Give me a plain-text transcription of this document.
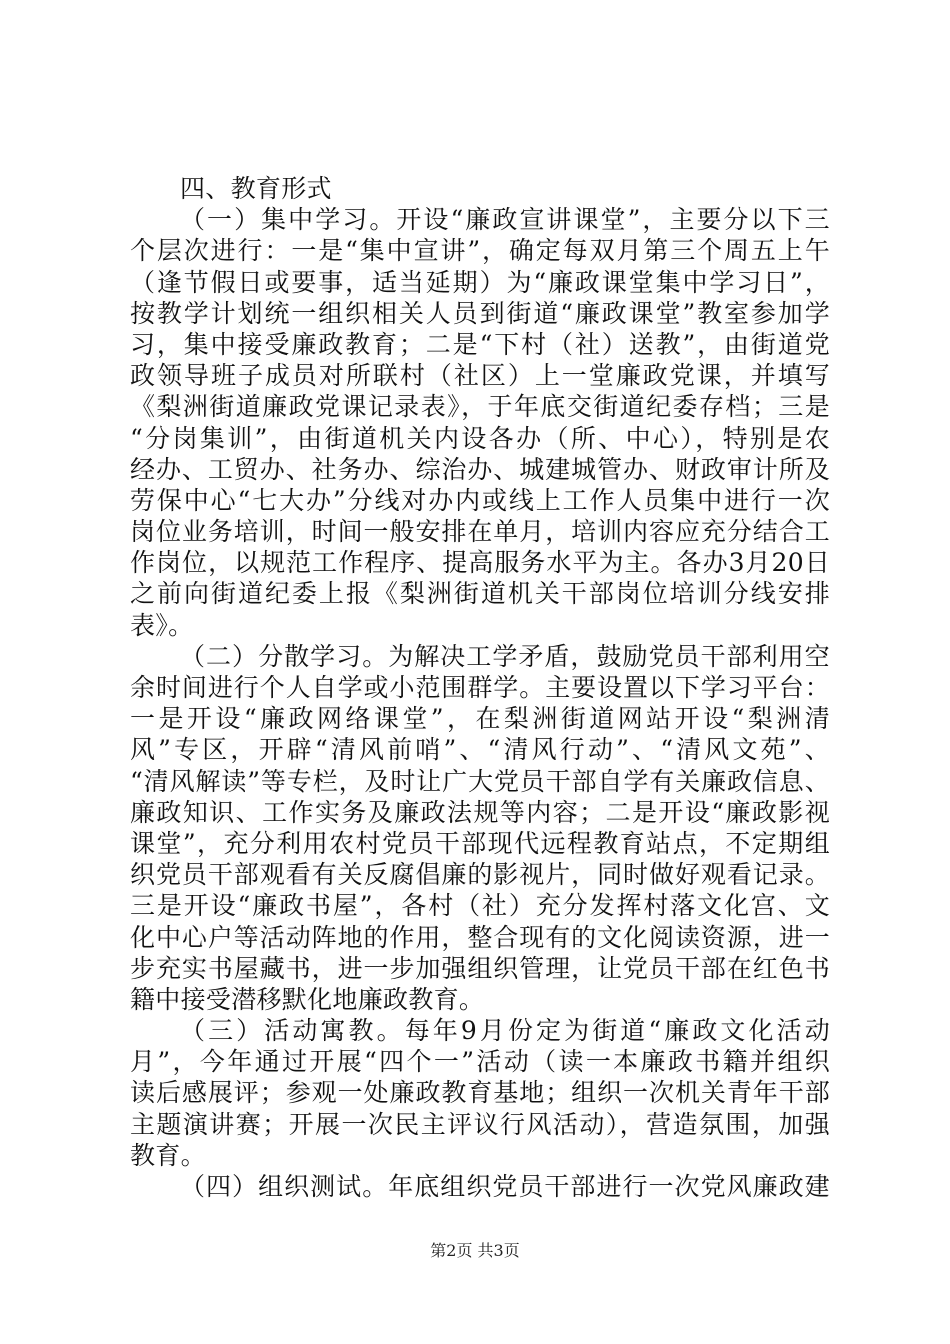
四、教育形式
（一）集中学习。开设“廉政宣讲课堂”，主要分以下三
个层次进行：一是“集中宣讲”，确定每双月第三个周五上午
（逢节假日或要事，适当延期）为“廉政课堂集中学习日”，
按教学计划统一组织相关人员到街道“廉政课堂”教室参加学
习，集中接受廉政教育；二是“下村（社）送教”，由街道党
政领导班子成员对所联村（社区）上一堂廉政党课，并填写
《梨洲街道廉政党课记录表》，于年底交街道纪委存档；三是
“分岗集训”，由街道机关内设各办（所、中心），特别是农
经办、工贸办、社务办、综治办、城建城管办、财政审计所及
劳保中心“七大办”分线对办内或线上工作人员集中进行一次
岗位业务培训，时间一般安排在单月，培训内容应充分结合工
作岗位，以规范工作程序、提高服务水平为主。各办3月20日
之前向街道纪委上报《梨洲街道机关干部岗位培训分线安排
表》。
（二）分散学习。为解决工学矛盾，鼓励党员干部利用空
余时间进行个人自学或小范围群学。主要设置以下学习平台：
一是开设“廉政网络课堂”，在梨洲街道网站开设“梨洲清
风”专区，开辟“清风前哨”、“清风行动”、“清风文苑”、
“清风解读”等专栏，及时让广大党员干部自学有关廉政信息、
廉政知识、工作实务及廉政法规等内容；二是开设“廉政影视
课堂”，充分利用农村党员干部现代远程教育站点，不定期组
织党员干部观看有关反腐倡廉的影视片，同时做好观看记录。
三是开设“廉政书屋”，各村（社）充分发挥村落文化宫、文
化中心户等活动阵地的作用，整合现有的文化阅读资源，进一
步充实书屋藏书，进一步加强组织管理，让党员干部在红色书
籍中接受潜移默化地廉政教育。
（三）活动寓教。每年9月份定为街道“廉政文化活动
月”，今年通过开展“四个一”活动（读一本廉政书籍并组织
读后感展评；参观一处廉政教育基地；组织一次机关青年干部
主题演讲赛；开展一次民主评议行风活动），营造氛围，加强
教育。
（四）组织测试。年底组织党员干部进行一次党风廉政建
第2页 共3页
